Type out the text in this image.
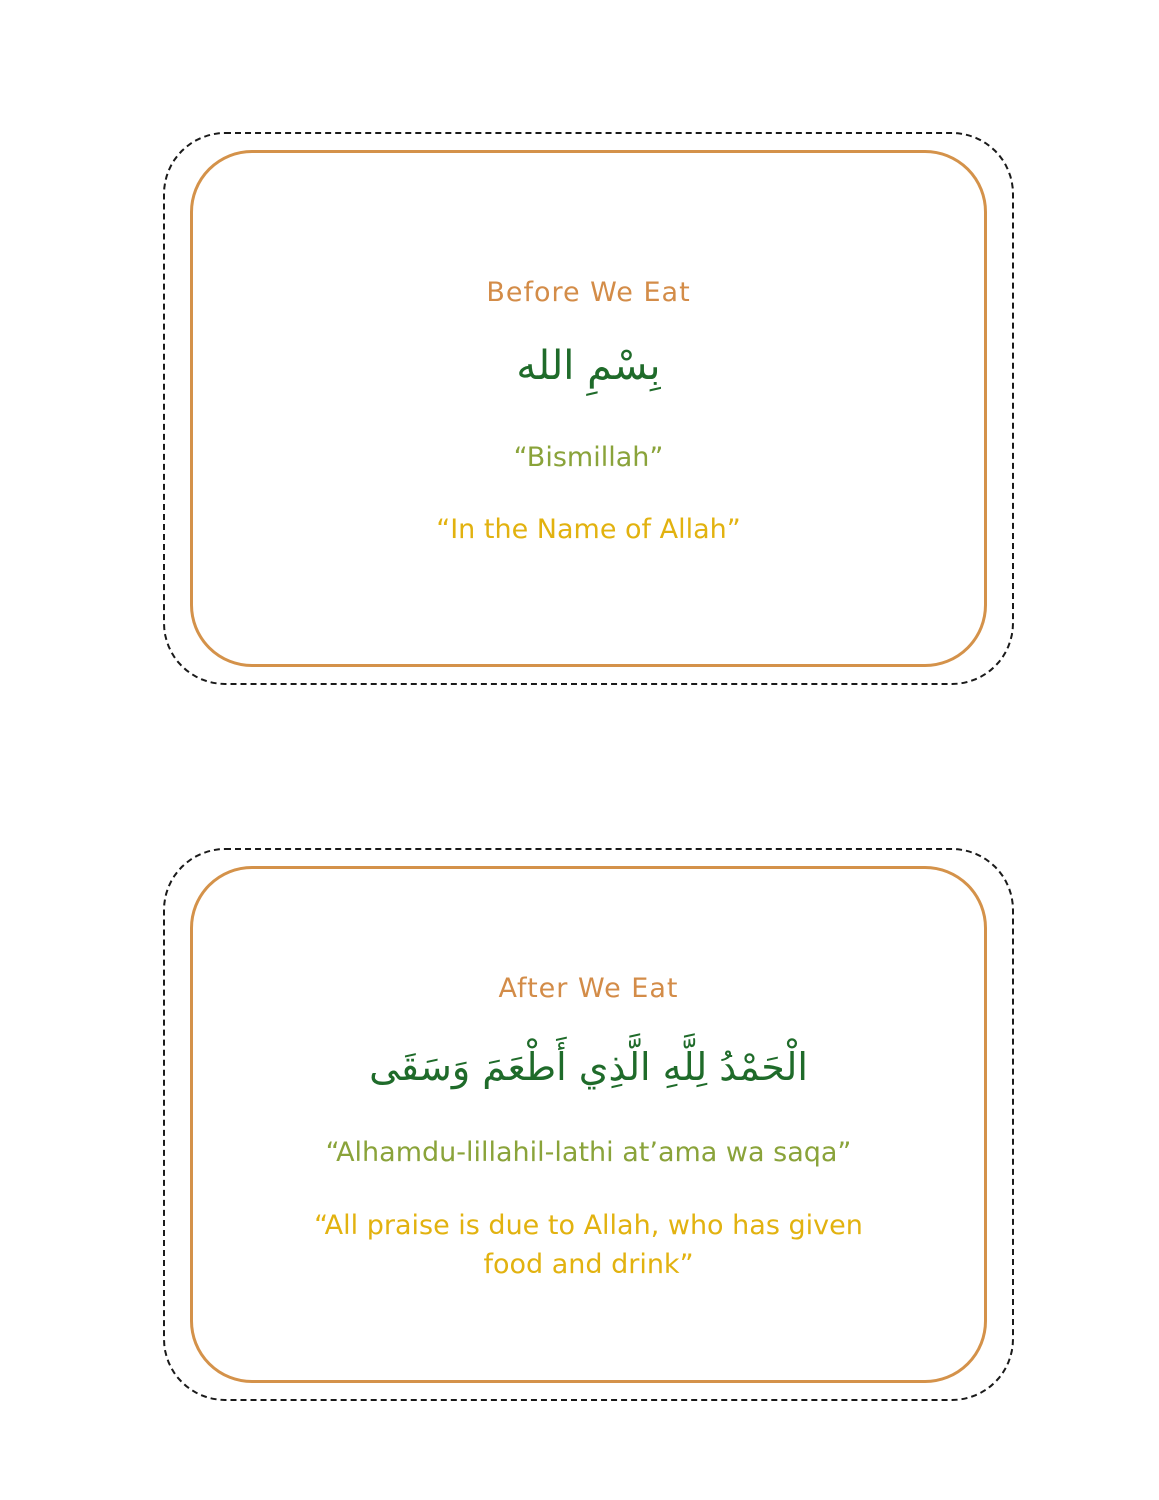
Before We Eat
بِسْمِ الله
“Bismillah”
“In the Name of Allah”
After We Eat
الْحَمْدُ لِلَّهِ الَّذِي أَطْعَمَ وَسَقَى
“Alhamdu-lillahil-lathi at’ama wa saqa”
“All praise is due to Allah, who has given
food and drink”
